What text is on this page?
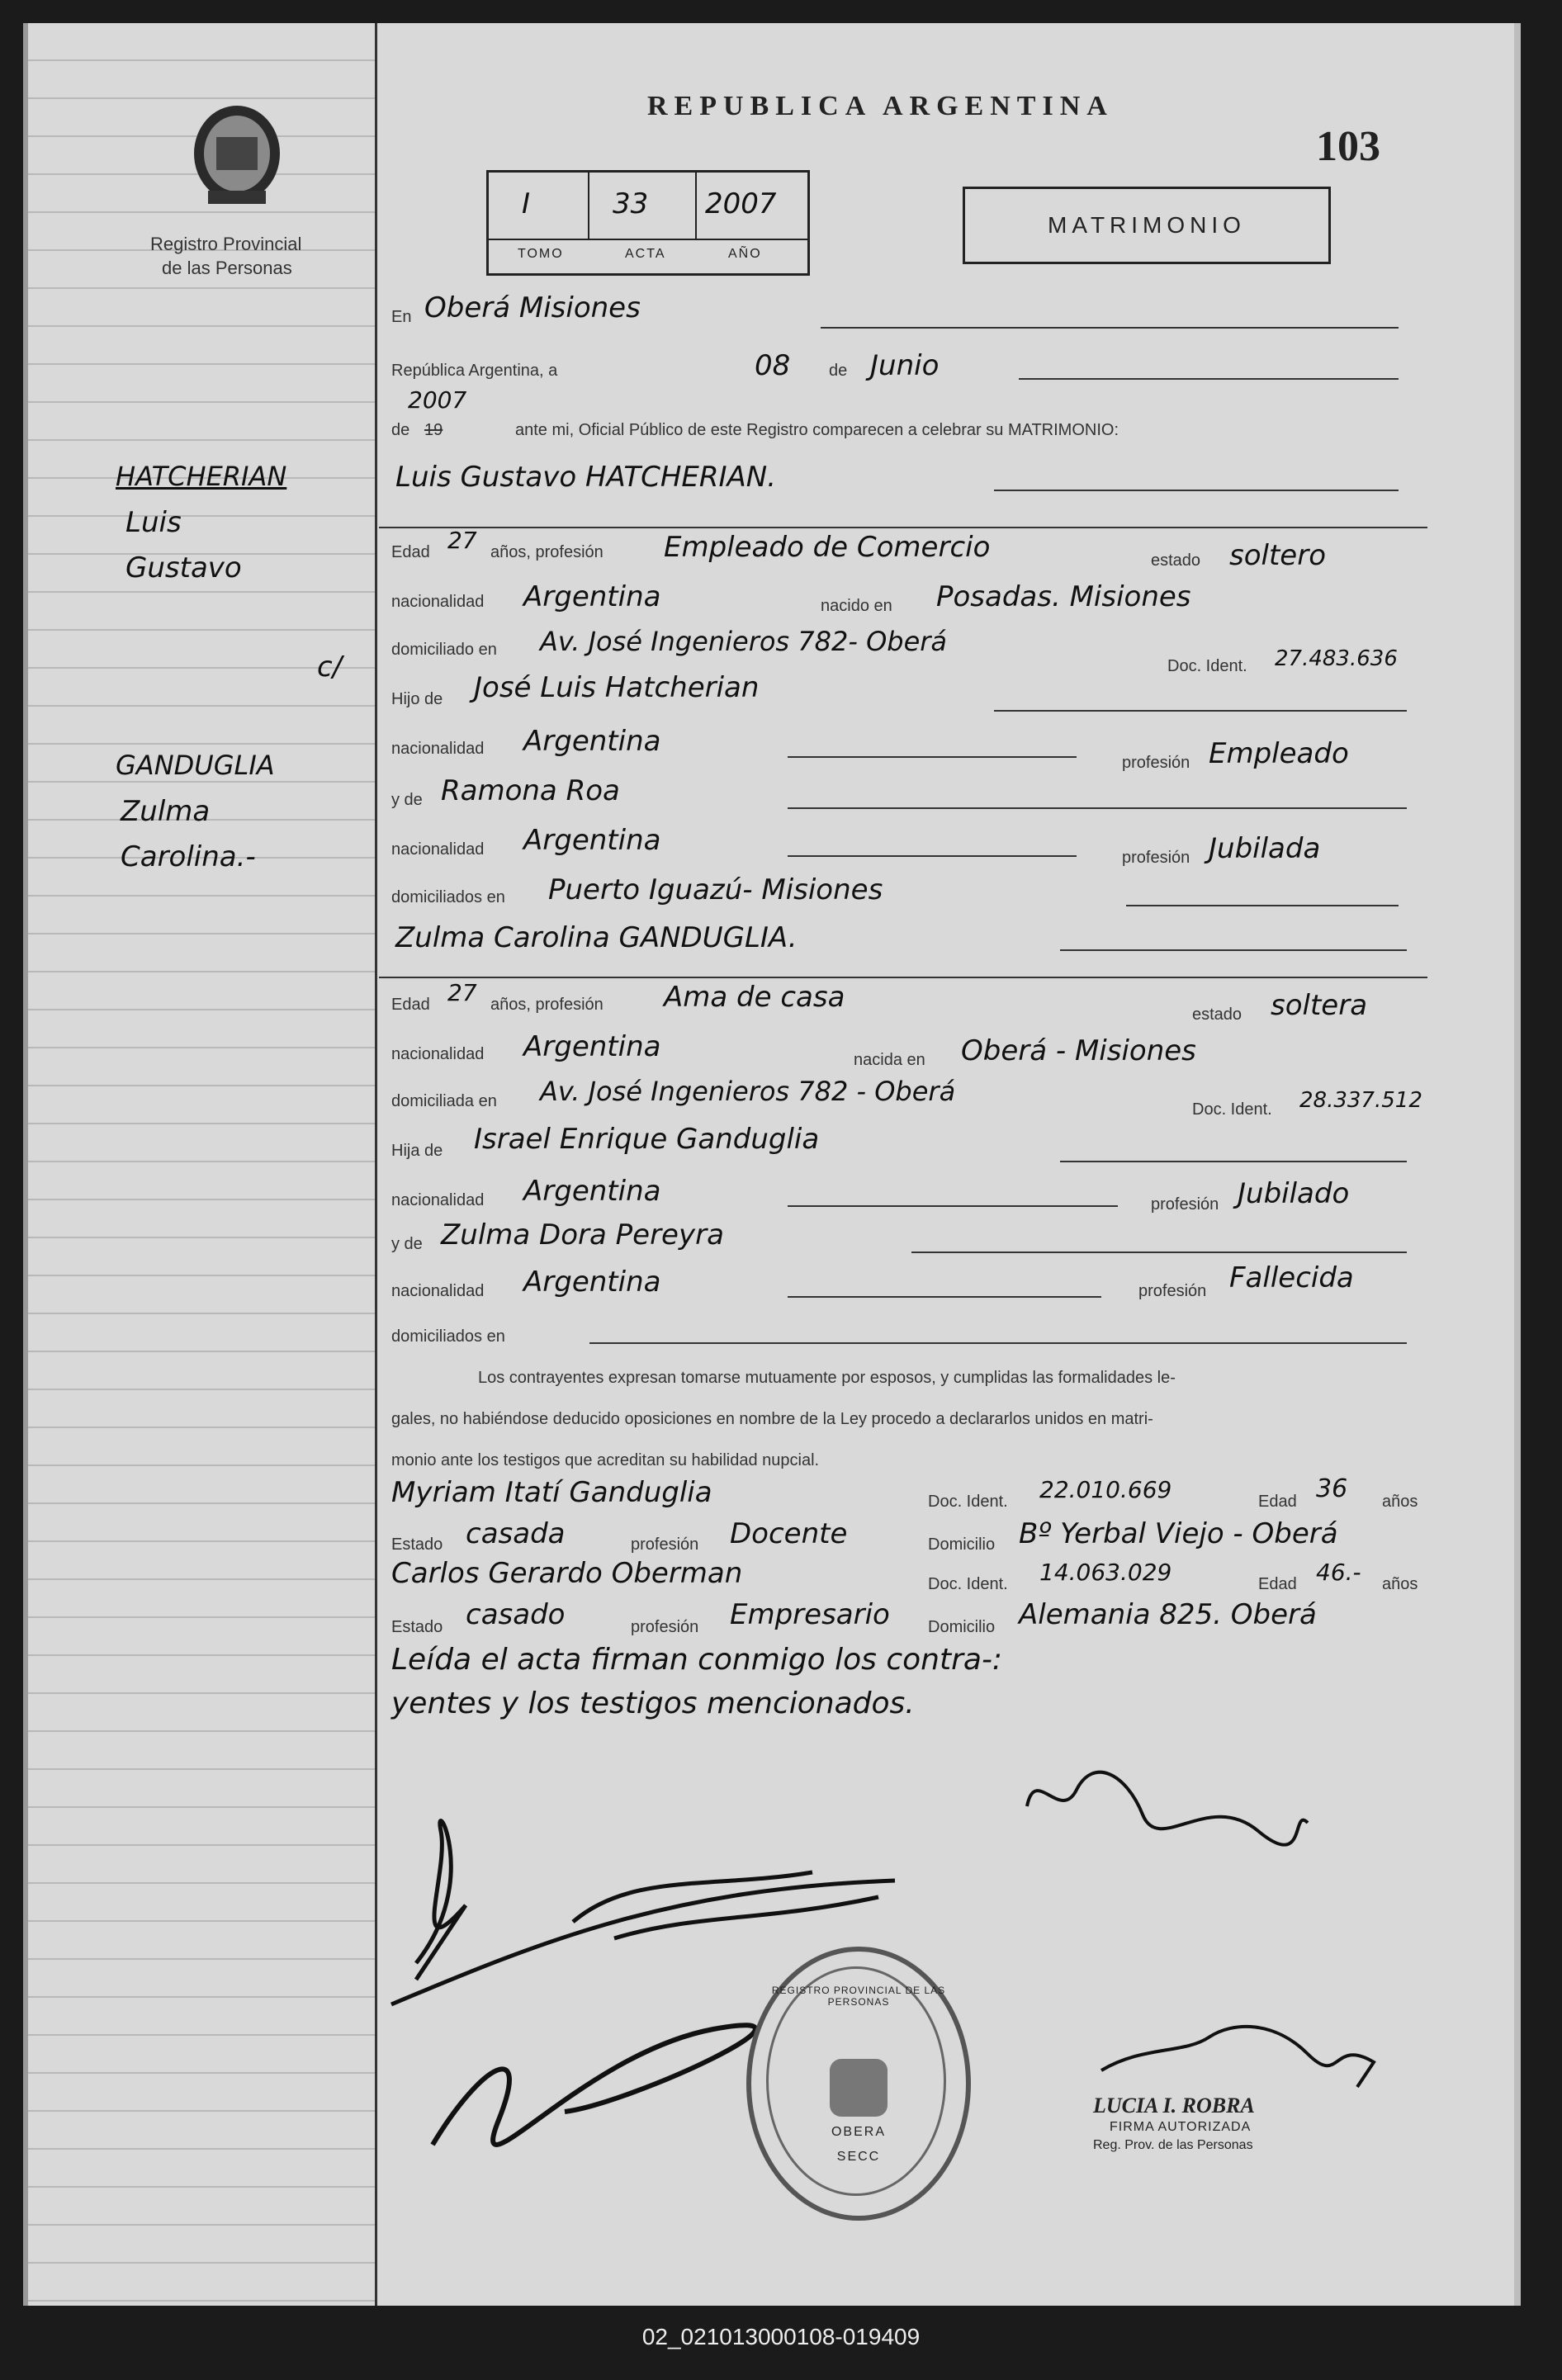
Registro Provincial
de las Personas
HATCHERIAN
Luis
Gustavo
c/
GANDUGLIA
Zulma
Carolina.-
REPUBLICA ARGENTINA
103
I	33 2007
TOMO	ACTA	AÑO
MATRIMONIO
En Oberá Misiones
República Argentina, a	08 de Junio
2007
de 19	ante mi, Oficial Público de este Registro comparecen a celebrar su MATRIMONIO:
Luis Gustavo HATCHERIAN.
Edad 27 años, profesión Empleado de Comercio	estado soltero
nacionalidad Argentina	nacido en Posadas. Misiones
domiciliado en Av. José Ingenieros 782- Oberá
Doc. Ident. 27.483.636
Hijo de José Luis Hatcherian
nacionalidad Argentina
profesión Empleado
y de Ramona Roa
nacionalidad Argentina
profesión Jubilada
domiciliados en Puerto Iguazú- Misiones
Zulma Carolina GANDUGLIA.
Edad 27 años, profesión Ama de casa
estado soltera
nacionalidad Argentina	nacida en Oberá - Misiones
domiciliada en Av. José Ingenieros 782 - Oberá
Doc. Ident. 28.337.512
Hija de Israel Enrique Ganduglia
nacionalidad Argentina	profesión Jubilado
y de Zulma Dora Pereyra
nacionalidad Argentina	profesión Fallecida
domiciliados en
Los contrayentes expresan tomarse mutuamente por esposos, y cumplidas las formalidades le-
gales, no habiéndose deducido oposiciones en nombre de la Ley procedo a declararlos unidos en matri-
monio ante los testigos que acreditan su habilidad nupcial.
Myriam Itatí Ganduglia	Doc. Ident. 22.010.669	Edad 36 años
Estado casada	profesión Docente	Domicilio Bº Yerbal Viejo - Oberá
Carlos Gerardo Oberman	Doc. Ident. 14.063.029	Edad 46.- años
Estado casado	profesión Empresario Domicilio Alemania 825. Oberá
Leída el acta firman conmigo los contra-:
yentes y los testigos mencionados.
REGISTRO PROVINCIAL DE LAS PERSONAS
OBERA
SECC
LUCIA I. ROBRA
FIRMA AUTORIZADA
Reg. Prov. de las Personas
02_021013000108-019409
